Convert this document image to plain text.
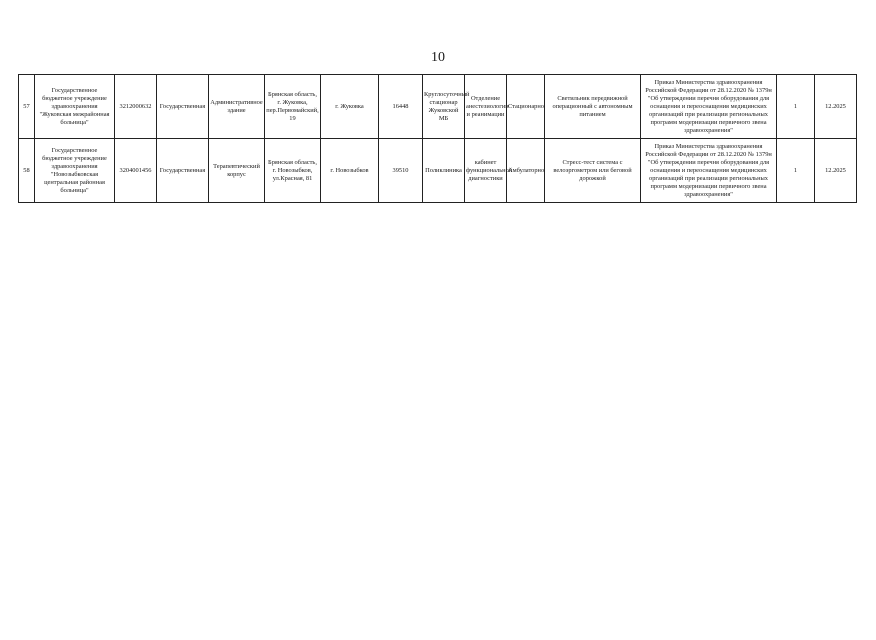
10
57	Государственное бюджетное учреждение здравоохранения "Жуковская межрайонная больница"	3212000632	Государственная	Административное здание	Брянская область, г. Жуковка, пер.Первомайский, 19	г. Жуковка	16448	Круглосуточный стационар Жуковской МБ	Отделение анестезиологии и реанимации	Стационарно	Светильник передвижной операционный с автономным питанием	Приказ Министерства здравоохранения Российской Федерации от 28.12.2020 № 1379н "Об утверждении перечня оборудования для оснащения и переоснащения медицинских организаций при реализации региональных программ модернизации первичного звена здравоохранения"	1	12.2025
58	Государственное бюджетное учреждение здравоохранения "Новозыбковская центральная районная больница"	3204001456	Государственная	Терапевтический корпус	Брянская область, г. Новозыбков, ул.Красная, 81	г. Новозыбков	39510	Поликлиника	кабинет функциональной диагностики	Амбулаторно	Стресс-тест система с велоэргометром или беговой дорожкой	Приказ Министерства здравоохранения Российской Федерации от 28.12.2020 № 1379н "Об утверждении перечня оборудования для оснащения и переоснащения медицинских организаций при реализации региональных программ модернизации первичного звена здравоохранения"	1	12.2025
